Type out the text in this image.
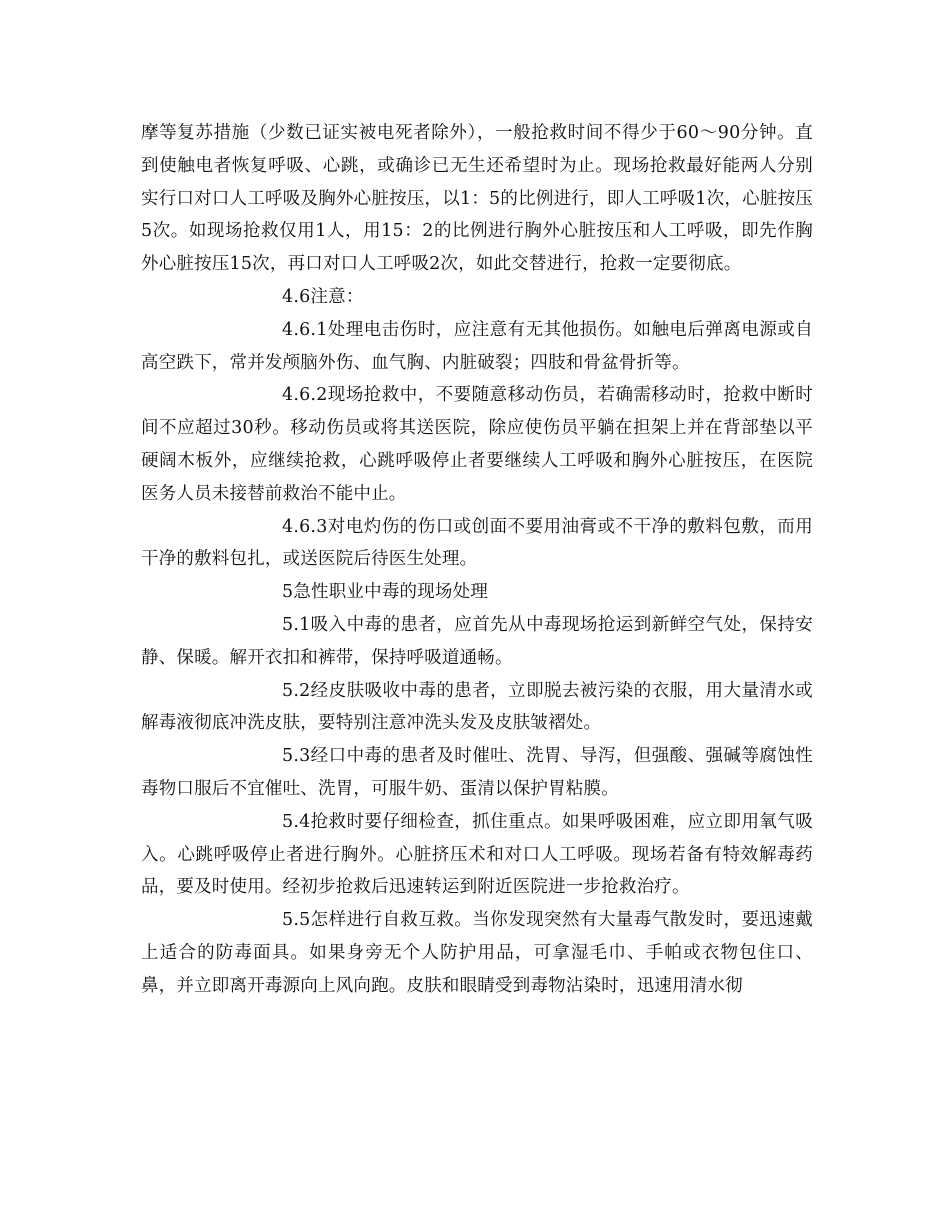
摩等复苏措施（少数已证实被电死者除外），一般抢救时间不得少于60～90分钟。直到使触电者恢复呼吸、心跳，或确诊已无生还希望时为止。现场抢救最好能两人分别实行口对口人工呼吸及胸外心脏按压，以1：5的比例进行，即人工呼吸1次，心脏按压5次。如现场抢救仅用1人，用15：2的比例进行胸外心脏按压和人工呼吸，即先作胸外心脏按压15次，再口对口人工呼吸2次，如此交替进行，抢救一定要彻底。

4.6注意：

4.6.1处理电击伤时，应注意有无其他损伤。如触电后弹离电源或自高空跌下，常并发颅脑外伤、血气胸、内脏破裂；四肢和骨盆骨折等。

4.6.2现场抢救中，不要随意移动伤员，若确需移动时，抢救中断时间不应超过30秒。移动伤员或将其送医院，除应使伤员平躺在担架上并在背部垫以平硬阔木板外，应继续抢救，心跳呼吸停止者要继续人工呼吸和胸外心脏按压，在医院医务人员未接替前救治不能中止。

4.6.3对电灼伤的伤口或创面不要用油膏或不干净的敷料包敷，而用干净的敷料包扎，或送医院后待医生处理。

5急性职业中毒的现场处理

5.1吸入中毒的患者，应首先从中毒现场抢运到新鲜空气处，保持安静、保暖。解开衣扣和裤带，保持呼吸道通畅。

5.2经皮肤吸收中毒的患者，立即脱去被污染的衣服，用大量清水或解毒液彻底冲洗皮肤，要特别注意冲洗头发及皮肤皱褶处。

5.3经口中毒的患者及时催吐、洗胃、导泻，但强酸、强碱等腐蚀性毒物口服后不宜催吐、洗胃，可服牛奶、蛋清以保护胃粘膜。

5.4抢救时要仔细检查，抓住重点。如果呼吸困难，应立即用氧气吸入。心跳呼吸停止者进行胸外。心脏挤压术和对口人工呼吸。现场若备有特效解毒药品，要及时使用。经初步抢救后迅速转运到附近医院进一步抢救治疗。

5.5怎样进行自救互救。当你发现突然有大量毒气散发时，要迅速戴上适合的防毒面具。如果身旁无个人防护用品，可拿湿毛巾、手帕或衣物包住口、鼻，并立即离开毒源向上风向跑。皮肤和眼睛受到毒物沾染时，迅速用清水彻
